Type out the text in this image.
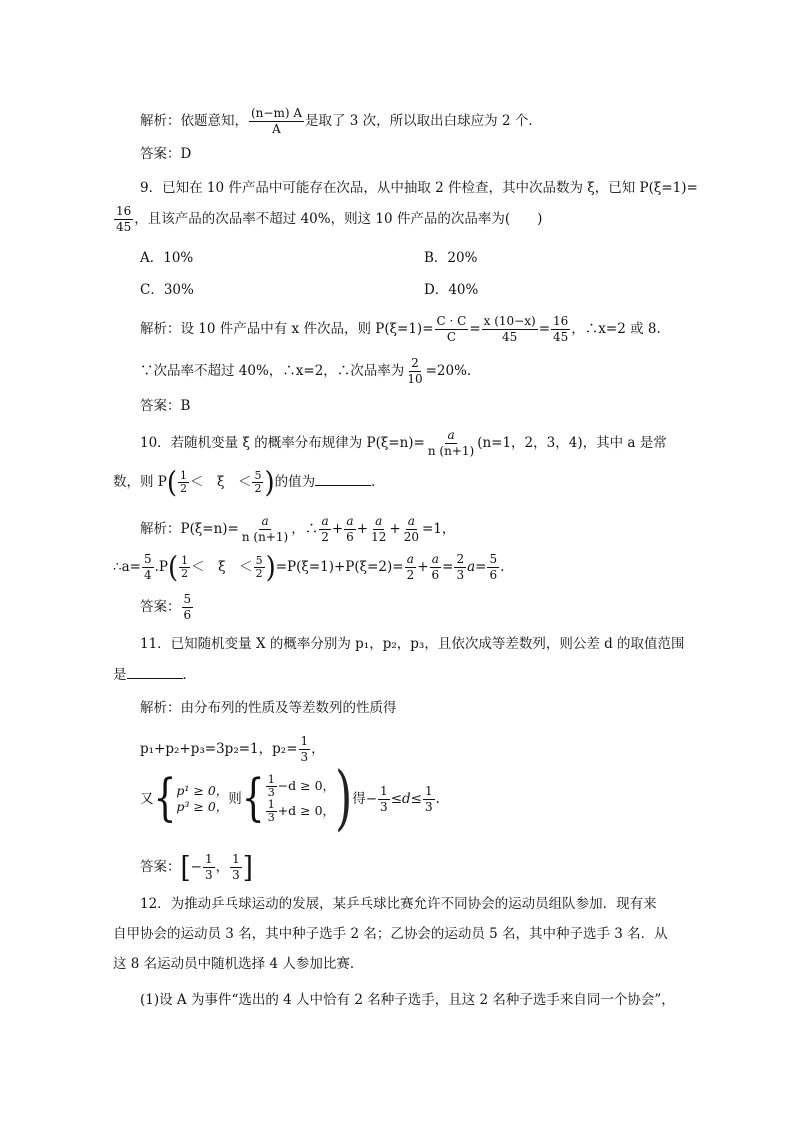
解析：依题意知， $\frac{(n-m) A}{A}$ 是取了 3 次，所以取出白球应为 2 个．
答案：D
9．已知在 10 件产品中可能存在次品，从中抽取 2 件检查，其中次品数为 ξ，已知 P(ξ=1)=
$\frac{16}{45}$ ，且该产品的次品率不超过 40%，则这 10 件产品的次品率为(　　)
A．10%	B．20%
C．30%	D．40%
解析：设 10 件产品中有 x 件次品，则 $P(\xi=1)= \frac{C \cdot C}{C} = \frac{x (10-x)}{45} = \frac{16}{45}$ ，∴x=2 或 8.
∵次品率不超过 40%，∴x=2，∴次品率为 $\frac{2}{10} =20\%$.
答案：B
10．若随机变量 ξ 的概率分布规律为 $P(\xi=n)= \frac{a}{n (n+1)} (n=1$，2，3，4)，其中 a 是常
数，则 $P( \frac{1}{2}$ ＜　ξ　＜ $\frac{5}{2}$ )的值为	．
解析：$P(\xi=n)= \frac{a}{n (n+1)}$ ，∴ $\frac{a}{2} + \frac{a}{6} + \frac{a}{12} + \frac{a}{20} =1$，
∴a= $\frac{5}{4} .P( \frac{1}{2}$ ＜　ξ　＜ $\frac{5}{2} )=P(\xi=1)+P(\xi=2)= \frac{a}{2} + \frac{a}{6} = \frac{2}{3} a= \frac{5}{6}$ .
答案： $\frac{5}{6}$
11．已知随机变量 X 的概率分别为 p₁，p₂，p₃，且依次成等差数列，则公差 d 的取值范围
是	．
解析：由分布列的性质及等差数列的性质得
p₁+p₂+p₃=3p₂=1，$p_2= \frac{1}{3}$ ，
又{ p¹ ≥ 0，
p³ ≥ 0， 则{ $\frac{1}{3} -d \ge 0$，
$\frac{1}{3} +d \ge 0$， )得− $\frac{1}{3} \le d\le \frac{1}{3}$ .
答案：[− $\frac{1}{3}$ ， $\frac{1}{3}$ ]
12．为推动乒乓球运动的发展，某乒乓球比赛允许不同协会的运动员组队参加．现有来
自甲协会的运动员 3 名，其中种子选手 2 名；乙协会的运动员 5 名，其中种子选手 3 名．从
这 8 名运动员中随机选择 4 人参加比赛．
(1)设 A 为事件“选出的 4 人中恰有 2 名种子选手，且这 2 名种子选手来自同一个协会”，
